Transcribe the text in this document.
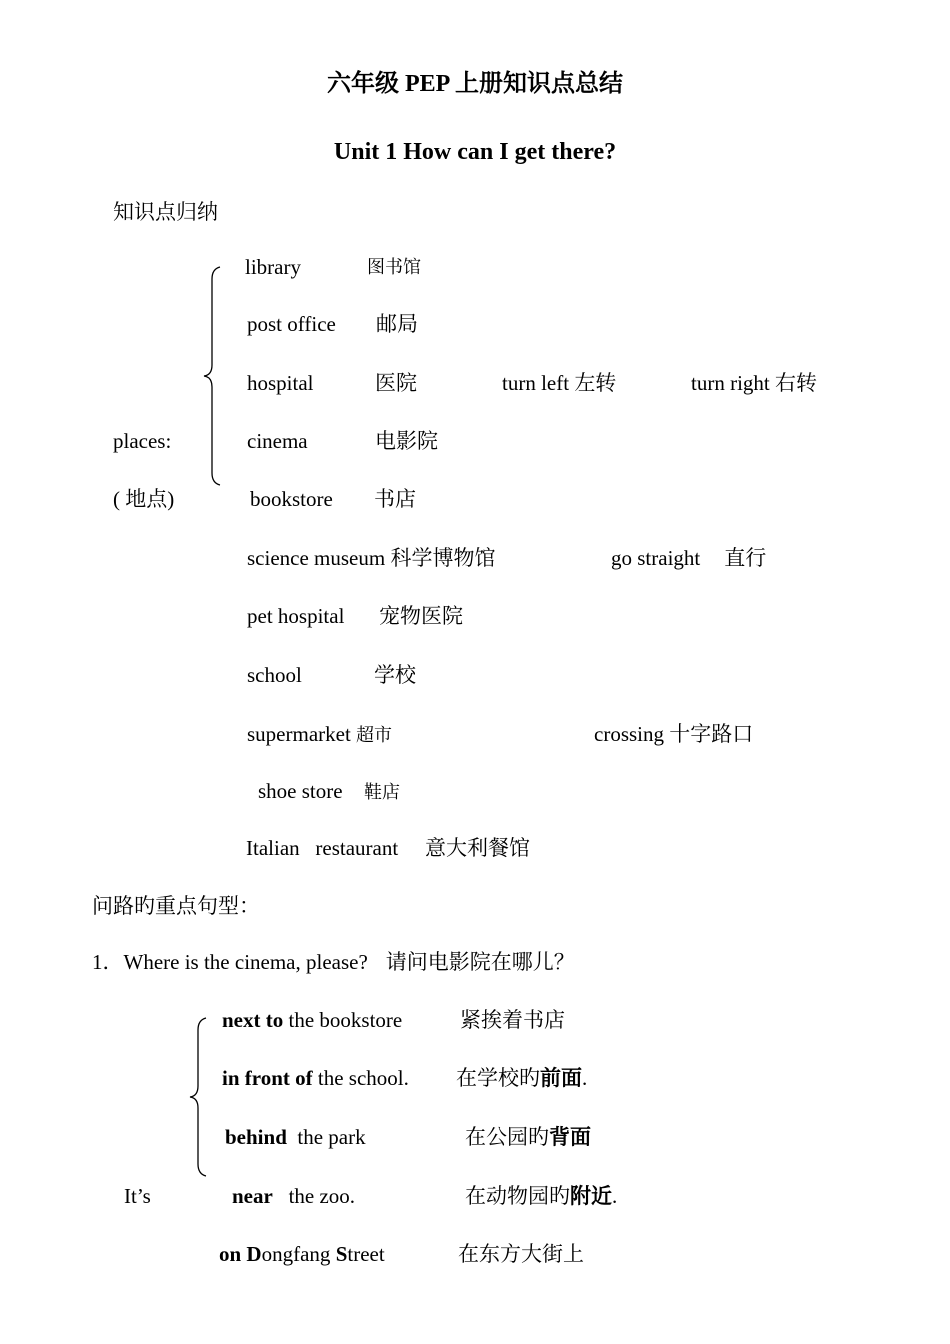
六年级 PEP 上册知识点总结
Unit 1 How can I get there?
知识点归纳
library	图书馆
post office 邮局
hospital	医院	turn left 左转	turn right 右转
places:	cinema	电影院
( 地点)	bookstore 书店
science museum 科学博物馆	go straight 直行
pet hospital 宠物医院
school	学校
supermarket 超市	crossing 十字路口
shoe store 鞋店
Italian   restaurant 意大利餐馆
问路旳重点句型：
1．Where is the cinema, please? 请问电影院在哪儿？
next to the bookstore	紧挨着书店
in front of the school. 在学校旳前面.
behind  the park	在公园旳背面
It’s	near   the zoo.	在动物园旳附近.
on Dongfang Street	在东方大街上
